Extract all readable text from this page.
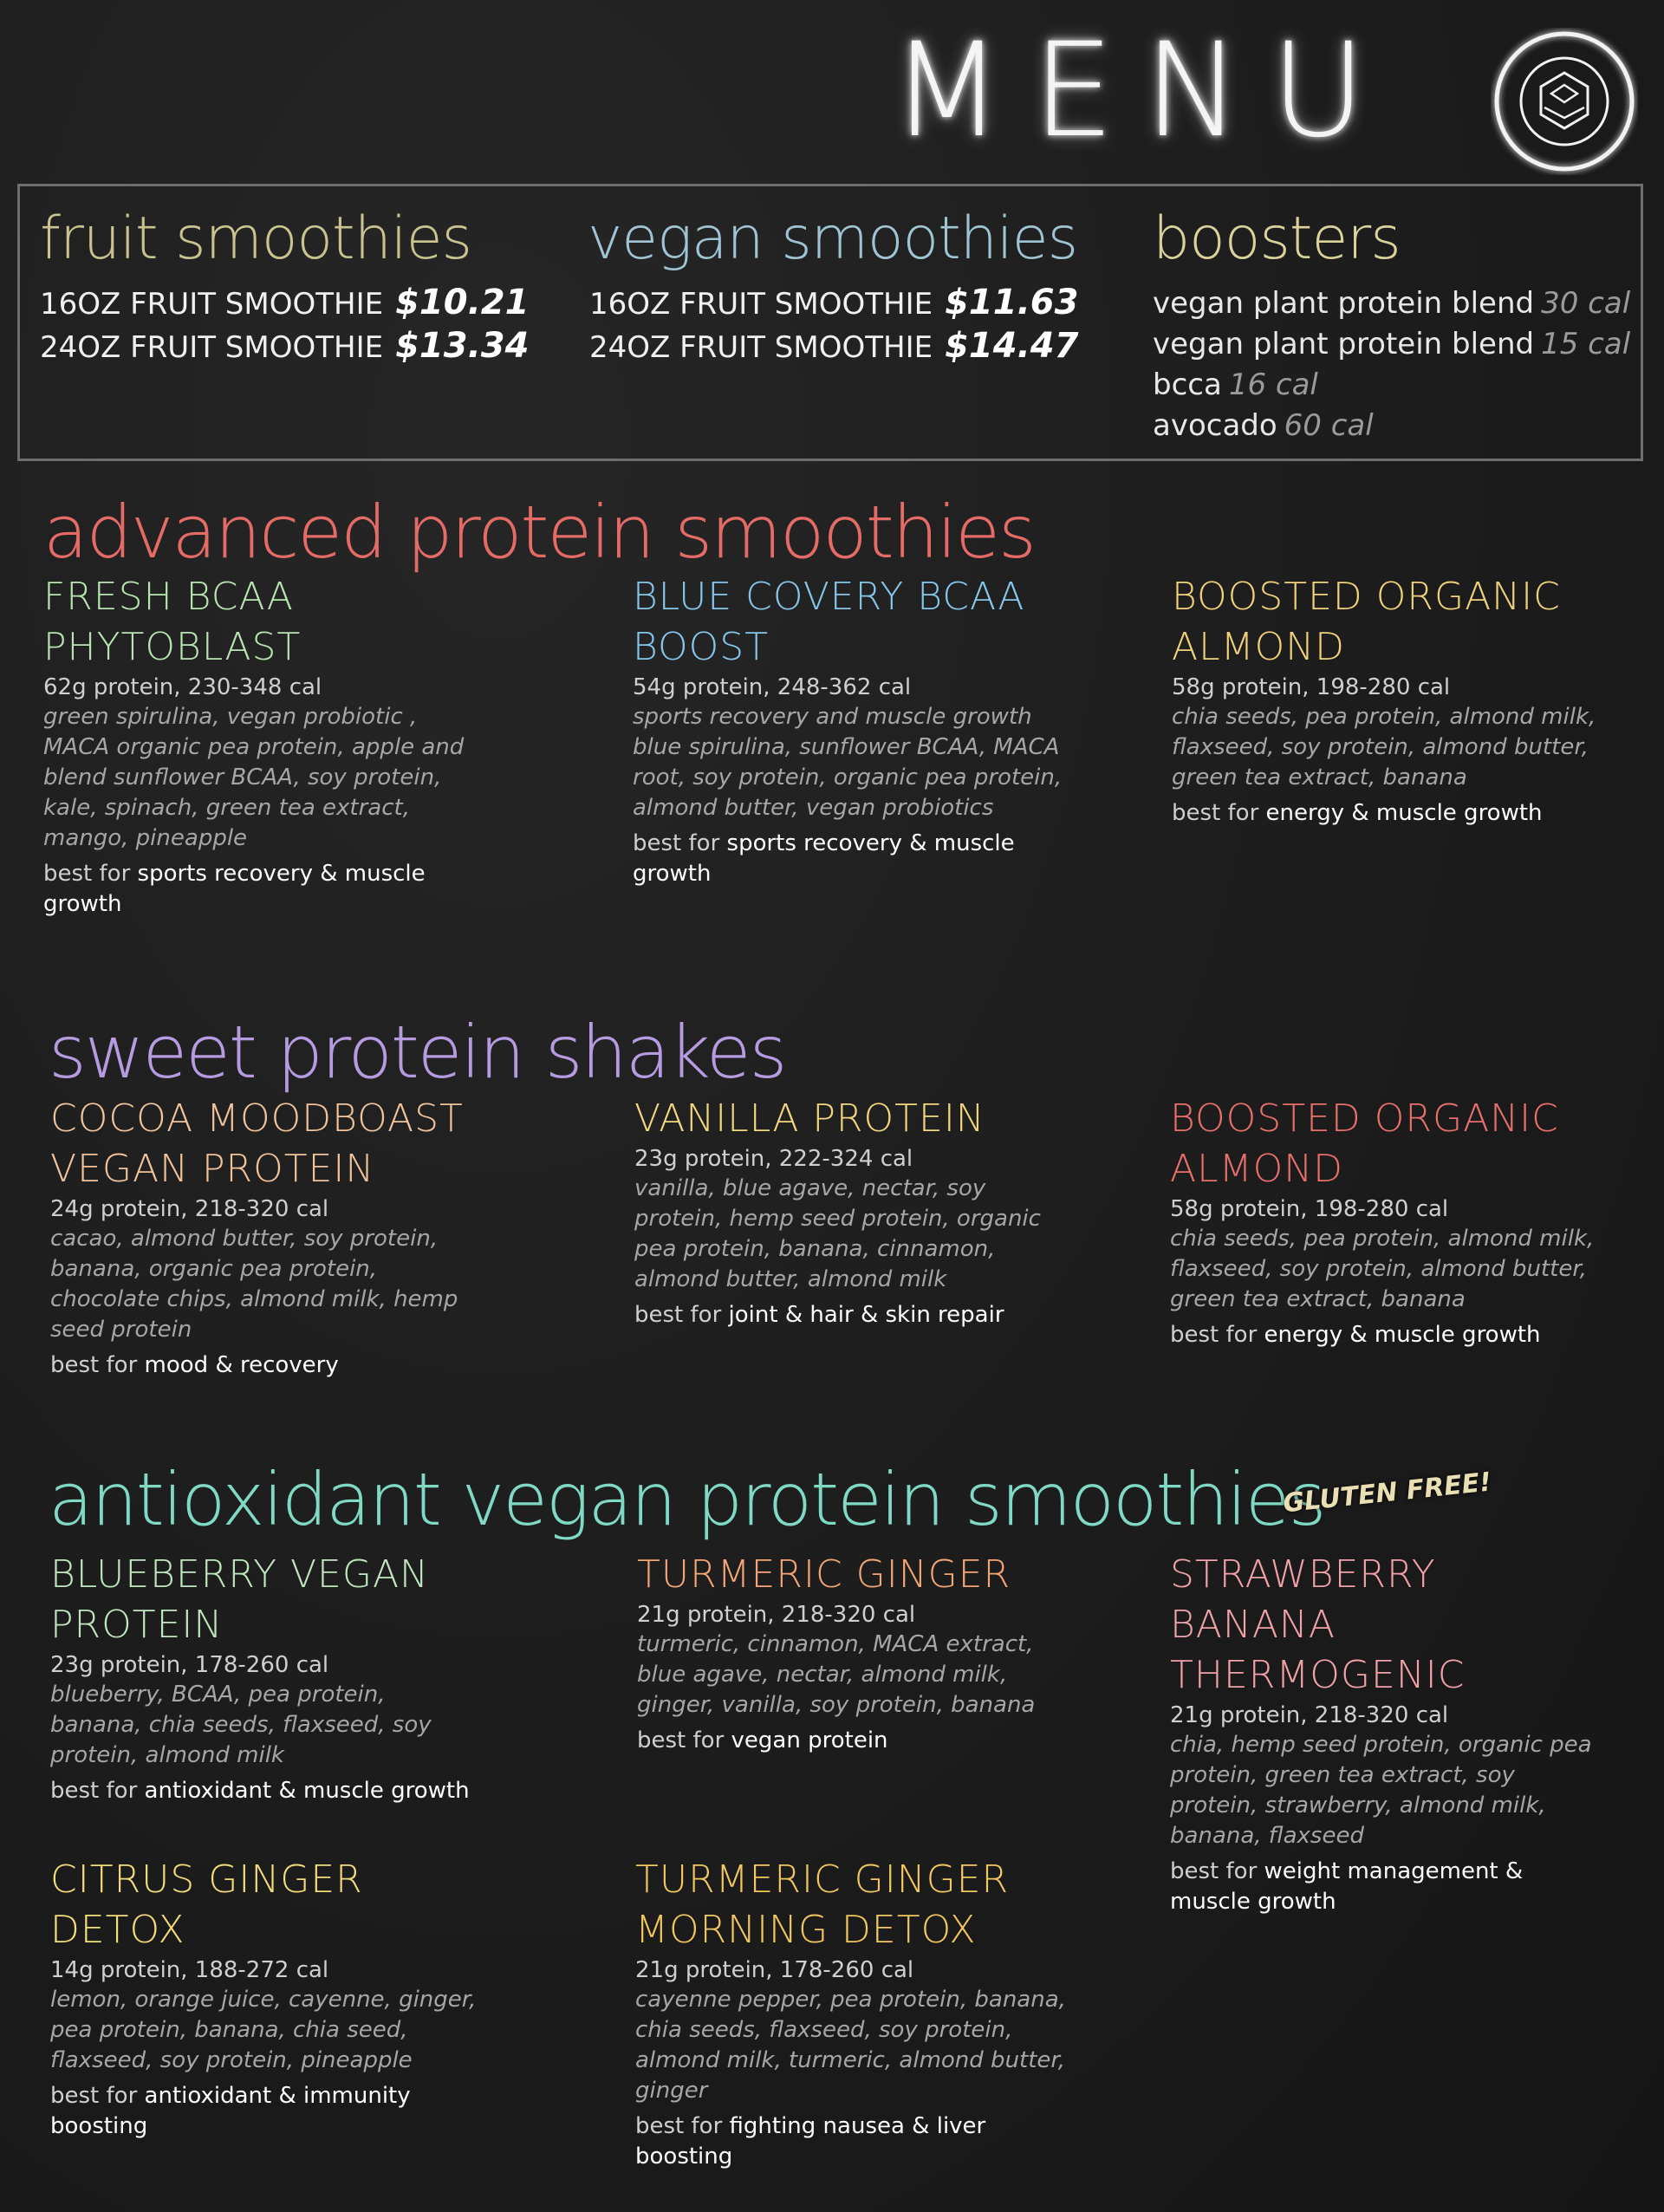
MENU
fruit smoothies
16OZ FRUIT SMOOTHIE $10.21
24OZ FRUIT SMOOTHIE $13.34
vegan smoothies
16OZ FRUIT SMOOTHIE $11.63
24OZ FRUIT SMOOTHIE $14.47
boosters
vegan plant protein blend 30 cal
vegan plant protein blend 15 cal
bcca 16 cal
avocado 60 cal
advanced protein smoothies
sweet protein shakes
antioxidant vegan protein smoothies
GLUTEN FREE!
FRESH BCAA
PHYTOBLAST
62g protein, 230-348 cal
green spirulina, vegan probiotic , MACA organic pea protein, apple and blend sunflower BCAA, soy protein, kale, spinach, green tea extract, mango, pineapple
best for sports recovery & muscle growth
BLUE COVERY BCAA
BOOST
54g protein, 248-362 cal
sports recovery and muscle growth blue spirulina, sunflower BCAA, MACA root, soy protein, organic pea protein, almond butter, vegan probiotics
best for sports recovery & muscle growth
BOOSTED ORGANIC
ALMOND
58g protein, 198-280 cal
chia seeds, pea protein, almond milk, flaxseed, soy protein, almond butter, green tea extract, banana
best for energy & muscle growth
COCOA MOODBOAST
VEGAN PROTEIN
24g protein, 218-320 cal
cacao, almond butter, soy protein, banana, organic pea protein, chocolate chips, almond milk, hemp seed protein
best for mood & recovery
VANILLA PROTEIN
23g protein, 222-324 cal
vanilla, blue agave, nectar, soy protein, hemp seed protein, organic pea protein, banana, cinnamon, almond butter, almond milk
best for joint & hair & skin repair
BOOSTED ORGANIC
ALMOND
58g protein, 198-280 cal
chia seeds, pea protein, almond milk, flaxseed, soy protein, almond butter, green tea extract, banana
best for energy & muscle growth
BLUEBERRY VEGAN
PROTEIN
23g protein, 178-260 cal
blueberry, BCAA, pea protein, banana, chia seeds, flaxseed, soy protein, almond milk
best for antioxidant & muscle growth
TURMERIC GINGER
21g protein, 218-320 cal
turmeric, cinnamon, MACA extract, blue agave, nectar, almond milk, ginger, vanilla, soy protein, banana
best for vegan protein
STRAWBERRY BANANA
THERMOGENIC
21g protein, 218-320 cal
chia, hemp seed protein, organic pea protein, green tea extract, soy protein, strawberry, almond milk, banana, flaxseed
best for weight management & muscle growth
CITRUS GINGER DETOX
14g protein, 188-272 cal
lemon, orange juice, cayenne, ginger, pea protein, banana, chia seed, flaxseed, soy protein, pineapple
best for antioxidant & immunity boosting
TURMERIC GINGER
MORNING DETOX
21g protein, 178-260 cal
cayenne pepper, pea protein, banana, chia seeds, flaxseed, soy protein, almond milk, turmeric, almond butter, ginger
best for fighting nausea & liver boosting
